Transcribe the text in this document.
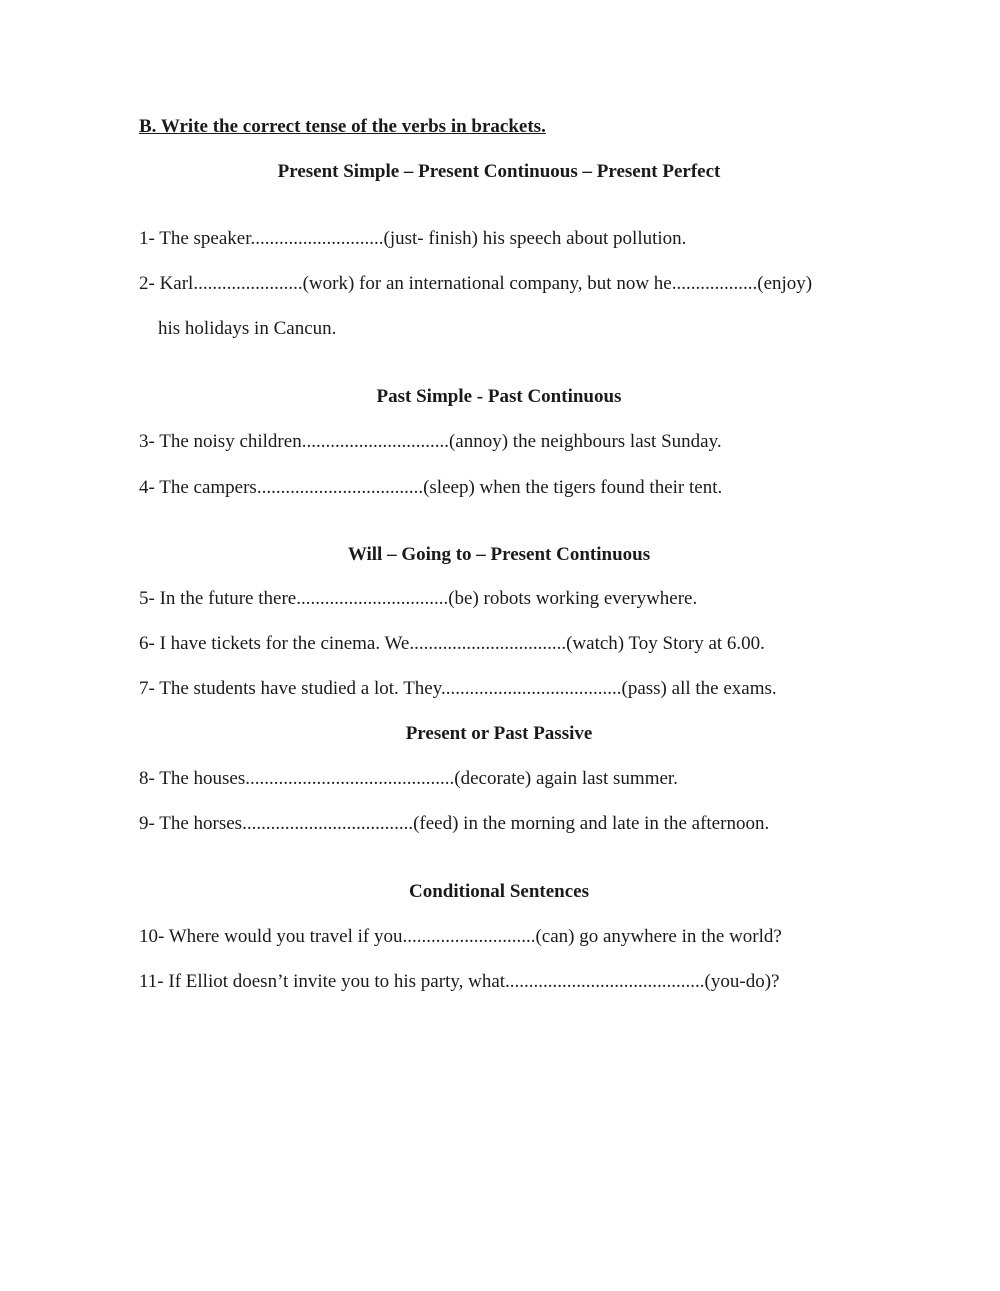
B. Write the correct tense of the verbs in brackets.
Present Simple – Present Continuous – Present Perfect
1- The speaker............................(just- finish) his speech about pollution.
2- Karl.......................(work) for an international company, but now he..................(enjoy)
his holidays in Cancun.
Past Simple - Past Continuous
3- The noisy children...............................(annoy) the neighbours last Sunday.
4- The campers...................................(sleep) when the tigers found their tent.
Will – Going to – Present Continuous
5- In the future there................................(be) robots working everywhere.
6- I have tickets for the cinema. We.................................(watch) Toy Story at 6.00.
7- The students have studied a lot. They......................................(pass) all the exams.
Present or Past Passive
8- The houses............................................(decorate) again last summer.
9- The horses....................................(feed) in the morning and late in the afternoon.
Conditional Sentences
10- Where would you travel if you............................(can) go anywhere in the world?
11- If Elliot doesn’t invite you to his party, what..........................................(you-do)?
